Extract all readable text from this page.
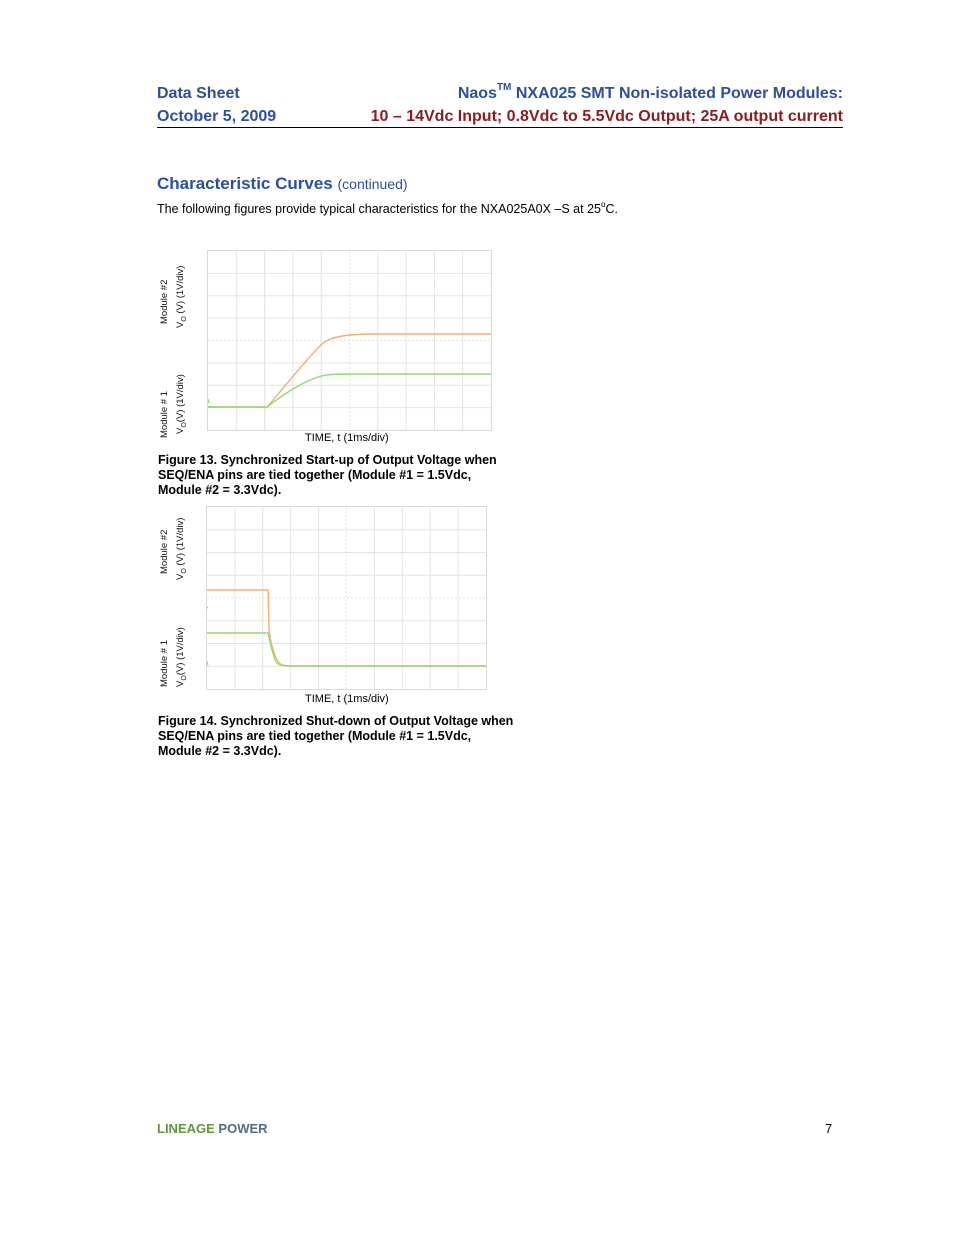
Data Sheet
October 5, 2009
Naos™ NXA025 SMT Non-isolated Power Modules:
10 – 14Vdc Input; 0.8Vdc to 5.5Vdc Output; 25A output current
Characteristic Curves (continued)
The following figures provide typical characteristics for the NXA025A0X –S at 25$^o$C.
Module #2
$V_O$ (V) (1V/div)
Module # 1 $V_O(V)$ (1V/div)
TIME, t (1ms/div)
Figure 13. Synchronized Start-up of Output Voltage when SEQ/ENA pins are tied together (Module #1 = 1.5Vdc, Module #2 = 3.3Vdc).
Module #2
$V_O$ (V) (1V/div)
Module # 1 $V_O(V)$ (1V/div)
TIME, t (1ms/div)
Figure 14. Synchronized Shut-down of Output Voltage when SEQ/ENA pins are tied together (Module #1 = 1.5Vdc, Module #2 = 3.3Vdc).
LINEAGE POWER	7
